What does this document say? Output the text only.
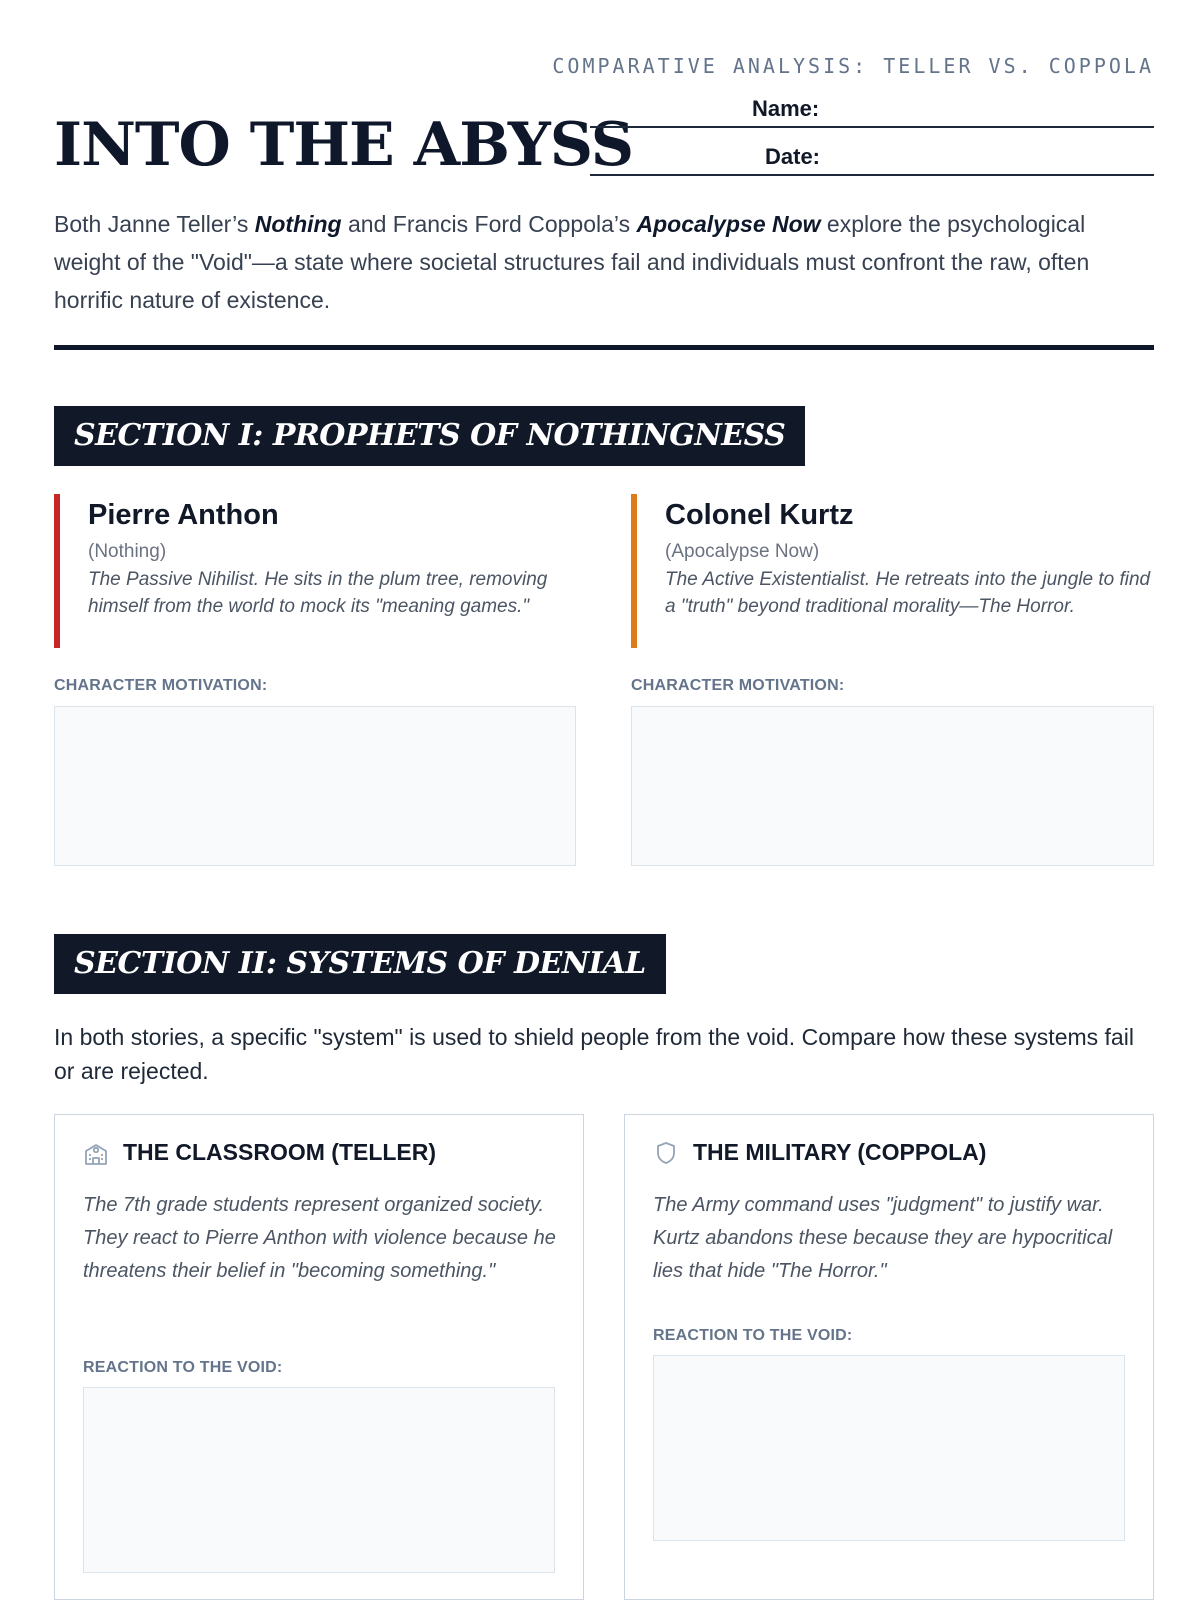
COMPARATIVE ANALYSIS: TELLER VS. COPPOLA
INTO THE ABYSS
Name:
Date:

Both Janne Teller’s Nothing and Francis Ford Coppola’s Apocalypse Now explore the psychological weight of the "Void"—a state where societal structures fail and individuals must confront the raw, often horrific nature of existence.

SECTION I: PROPHETS OF NOTHINGNESS
Pierre Anthon
(Nothing)
The Passive Nihilist. He sits in the plum tree, removing himself from the world to mock its "meaning games."
Colonel Kurtz
(Apocalypse Now)
The Active Existentialist. He retreats into the jungle to find a "truth" beyond traditional morality—The Horror.
CHARACTER MOTIVATION:	CHARACTER MOTIVATION:
SECTION II: SYSTEMS OF DENIAL

In both stories, a specific "system" is used to shield people from the void. Compare how these systems fail or are rejected.

THE CLASSROOM (TELLER)
The 7th grade students represent organized society. They react to Pierre Anthon with violence because he threatens their belief in "becoming something."
REACTION TO THE VOID:
THE MILITARY (COPPOLA)
The Army command uses "judgment" to justify war. Kurtz abandons these because they are hypocritical lies that hide "The Horror."
REACTION TO THE VOID:
